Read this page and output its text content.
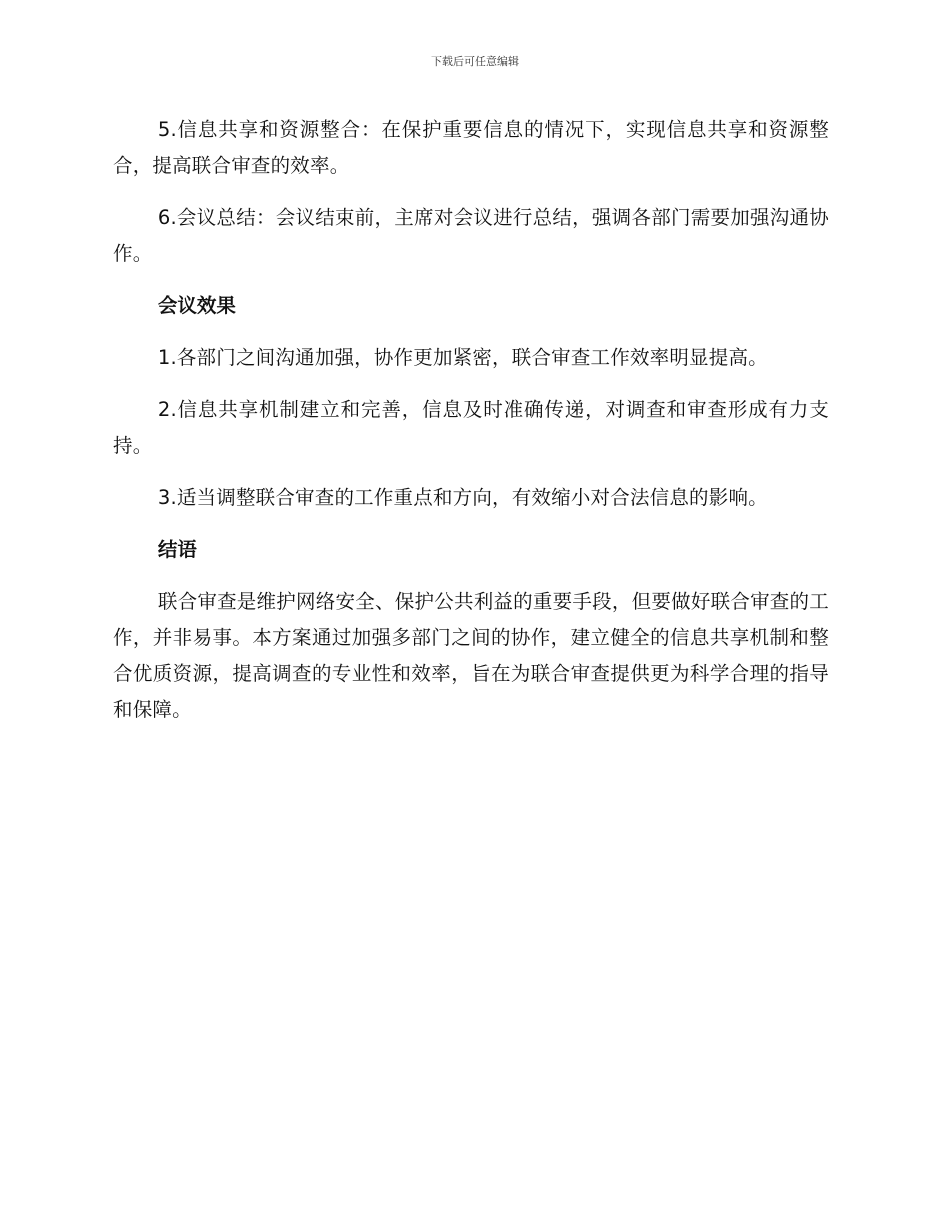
下载后可任意编辑

5.信息共享和资源整合：在保护重要信息的情况下，实现信息共享和资源整合，提高联合审查的效率。

6.会议总结：会议结束前，主席对会议进行总结，强调各部门需要加强沟通协作。

会议效果

1.各部门之间沟通加强，协作更加紧密，联合审查工作效率明显提高。

2.信息共享机制建立和完善，信息及时准确传递，对调查和审查形成有力支持。

3.适当调整联合审查的工作重点和方向，有效缩小对合法信息的影响。

结语

联合审查是维护网络安全、保护公共利益的重要手段，但要做好联合审查的工作，并非易事。本方案通过加强多部门之间的协作，建立健全的信息共享机制和整合优质资源，提高调查的专业性和效率，旨在为联合审查提供更为科学合理的指导和保障。
